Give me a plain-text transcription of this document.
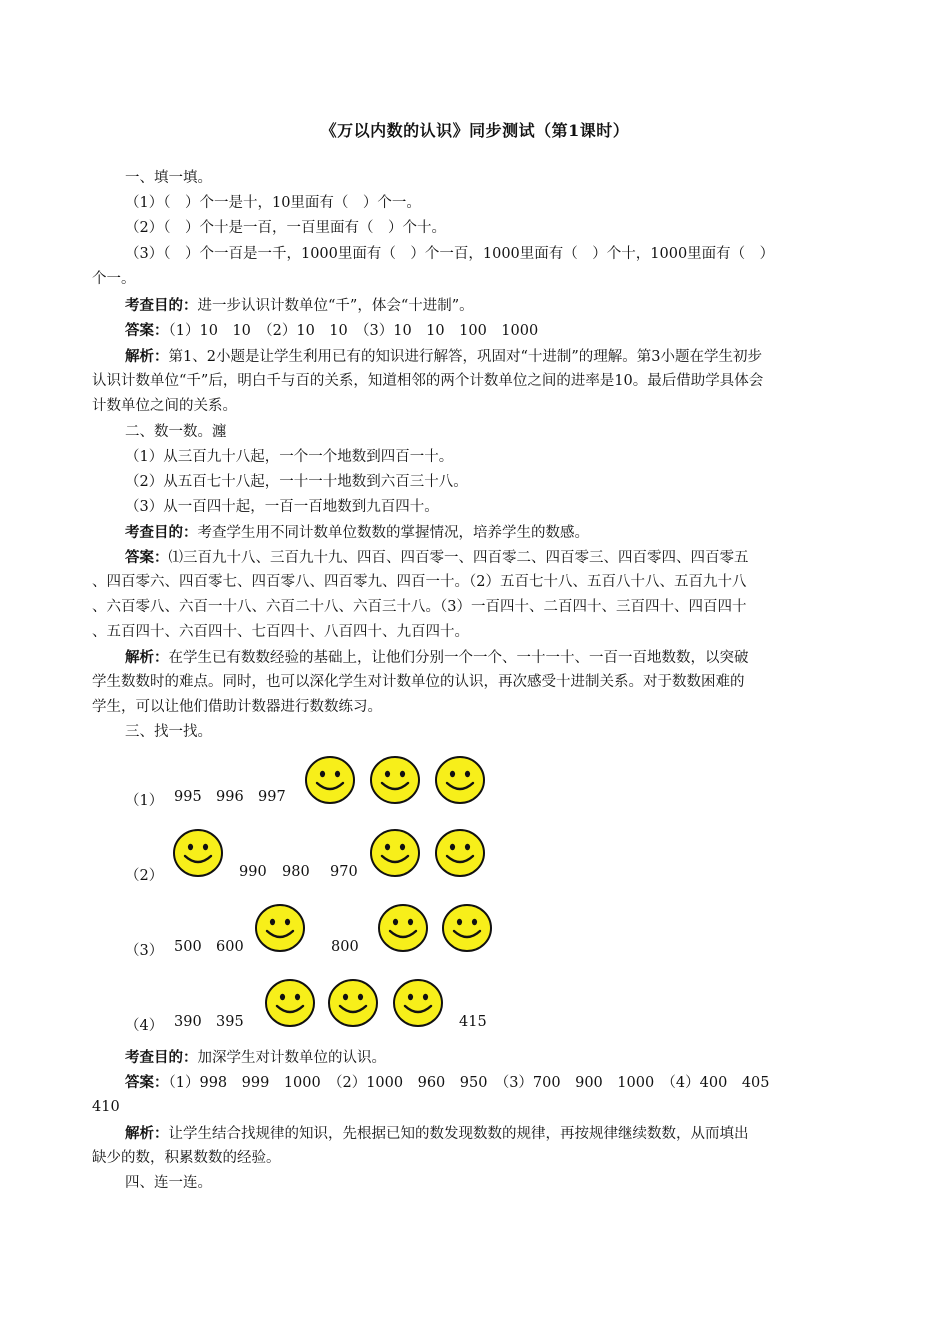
《万以内数的认识》同步测试（第1课时）
一、填一填。
（1）（　）个一是十，10里面有（　）个一。
（2）（　）个十是一百，一百里面有（　）个十。
（3）（　）个一百是一千，1000里面有（　）个一百，1000里面有（　）个十，1000里面有（　）
个一。
考查目的：进一步认识计数单位“千”，体会“十进制”。
答案：（1）10　10　（2）10　10　（3）10　10　100　1000
解析：第1、2小题是让学生利用已有的知识进行解答，巩固对“十进制”的理解。第3小题在学生初步
认识计数单位“千”后，明白千与百的关系，知道相邻的两个计数单位之间的进率是10。最后借助学具体会
计数单位之间的关系。
二、数一数。瀍
（1）从三百九十八起，一个一个地数到四百一十。
（2）从五百七十八起，一十一十地数到六百三十八。
（3）从一百四十起，一百一百地数到九百四十。
考查目的：考查学生用不同计数单位数数的掌握情况，培养学生的数感。
答案：⑴三百九十八、三百九十九、四百、四百零一、四百零二、四百零三、四百零四、四百零五
、四百零六、四百零七、四百零八、四百零九、四百一十。（2）五百七十八、五百八十八、五百九十八
、六百零八、六百一十八、六百二十八、六百三十八。（3）一百四十、二百四十、三百四十、四百四十
、五百四十、六百四十、七百四十、八百四十、九百四十。
解析：在学生已有数数经验的基础上，让他们分别一个一个、一十一十、一百一百地数数，以突破
学生数数时的难点。同时，也可以深化学生对计数单位的认识，再次感受十进制关系。对于数数困难的
学生，可以让他们借助计数器进行数数练习。
三、找一找。
（1） 995 996 997
（2）	990 980 970
（3） 500 600	800
（4） 390 395	415
考查目的：加深学生对计数单位的认识。
答案：（1）998　999　1000　（2）1000　960　950　（3）700　900　1000　（4）400　405
410
解析：让学生结合找规律的知识，先根据已知的数发现数数的规律，再按规律继续数数，从而填出
缺少的数，积累数数的经验。
四、连一连。
